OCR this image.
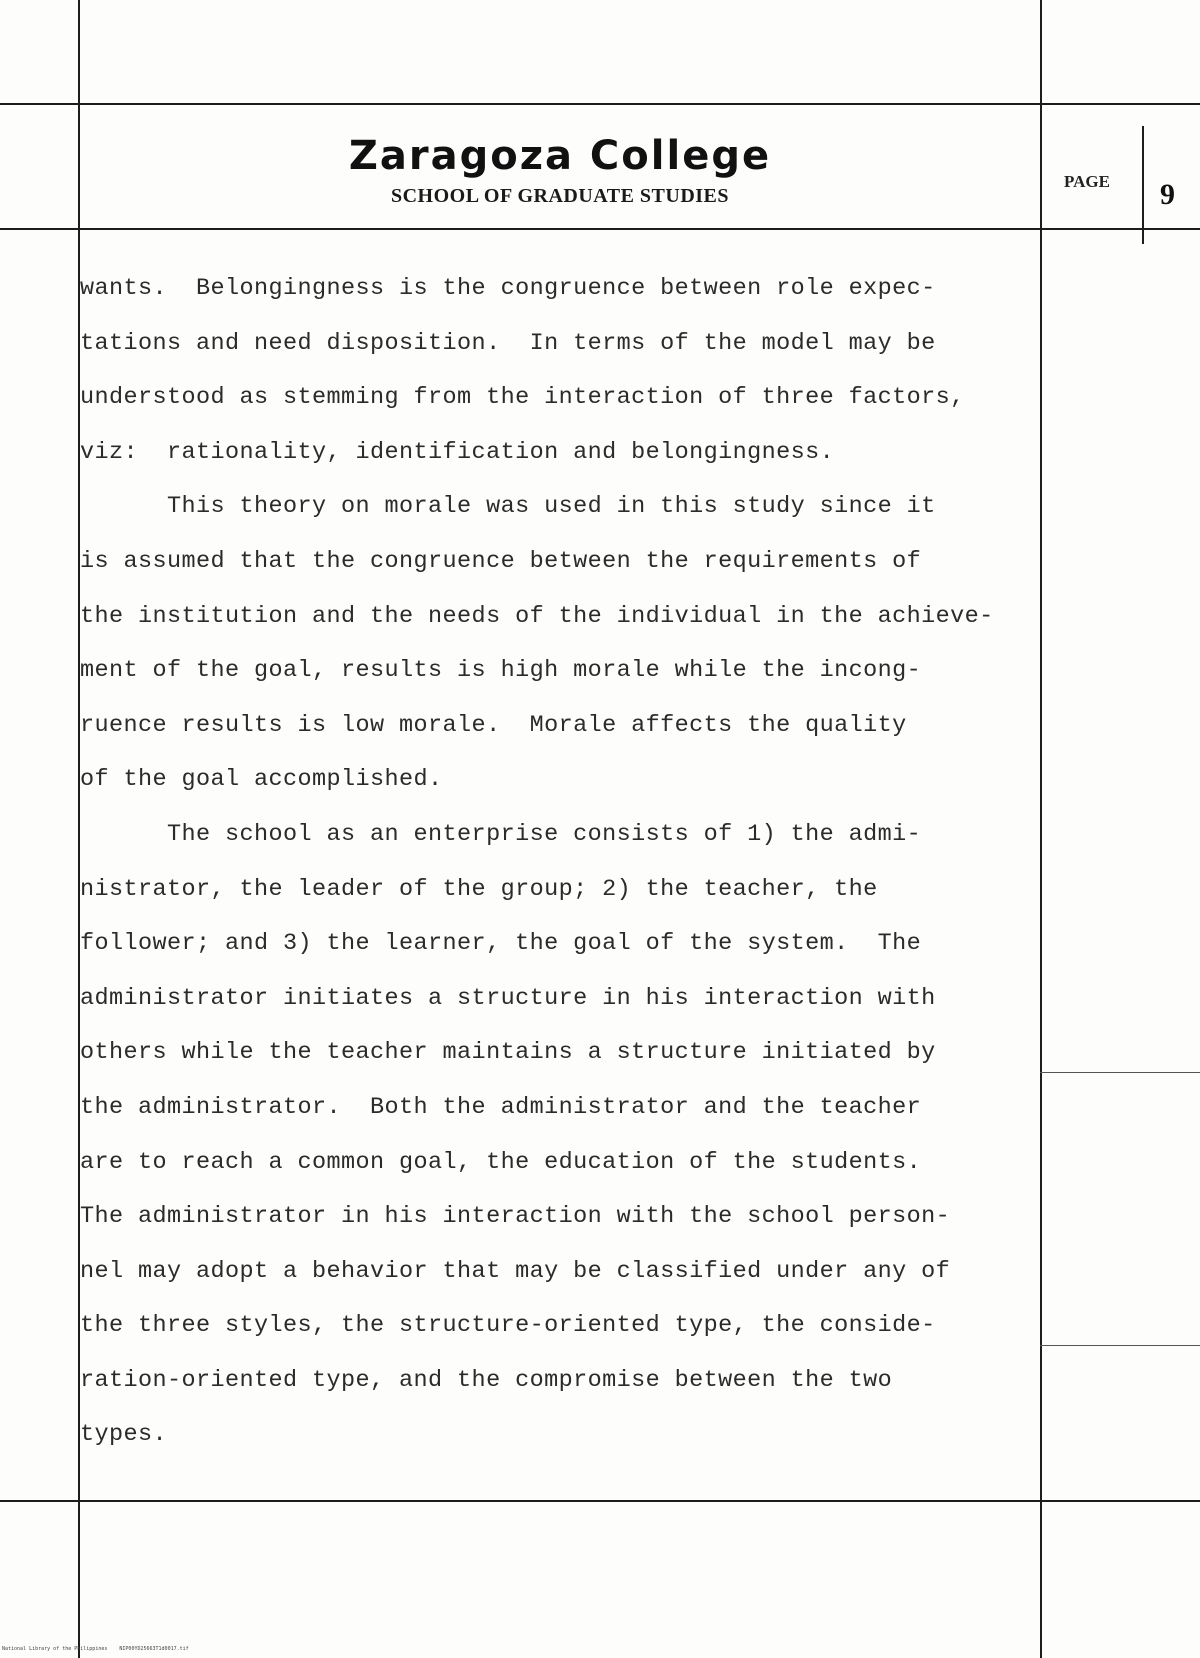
Zaragoza College
SCHOOL OF GRADUATE STUDIES
PAGE 9
wants.  Belongingness is the congruence between role expec-
tations and need disposition.  In terms of the model may be
understood as stemming from the interaction of three factors,
viz:  rationality, identification and belongingness.
This theory on morale was used in this study since it
is assumed that the congruence between the requirements of
the institution and the needs of the individual in the achieve-
ment of the goal, results is high morale while the incong-
ruence results is low morale.  Morale affects the quality
of the goal accomplished.
The school as an enterprise consists of 1) the admi-
nistrator, the leader of the group; 2) the teacher, the
follower; and 3) the learner, the goal of the system.  The
administrator initiates a structure in his interaction with
others while the teacher maintains a structure initiated by
the administrator.  Both the administrator and the teacher
are to reach a common goal, the education of the students.
The administrator in his interaction with the school person-
nel may adopt a behavior that may be classified under any of
the three styles, the structure-oriented type, the conside-
ration-oriented type, and the compromise between the two
types.
National Library of the Philippines    NIP00YD25663T1d0017.tif
